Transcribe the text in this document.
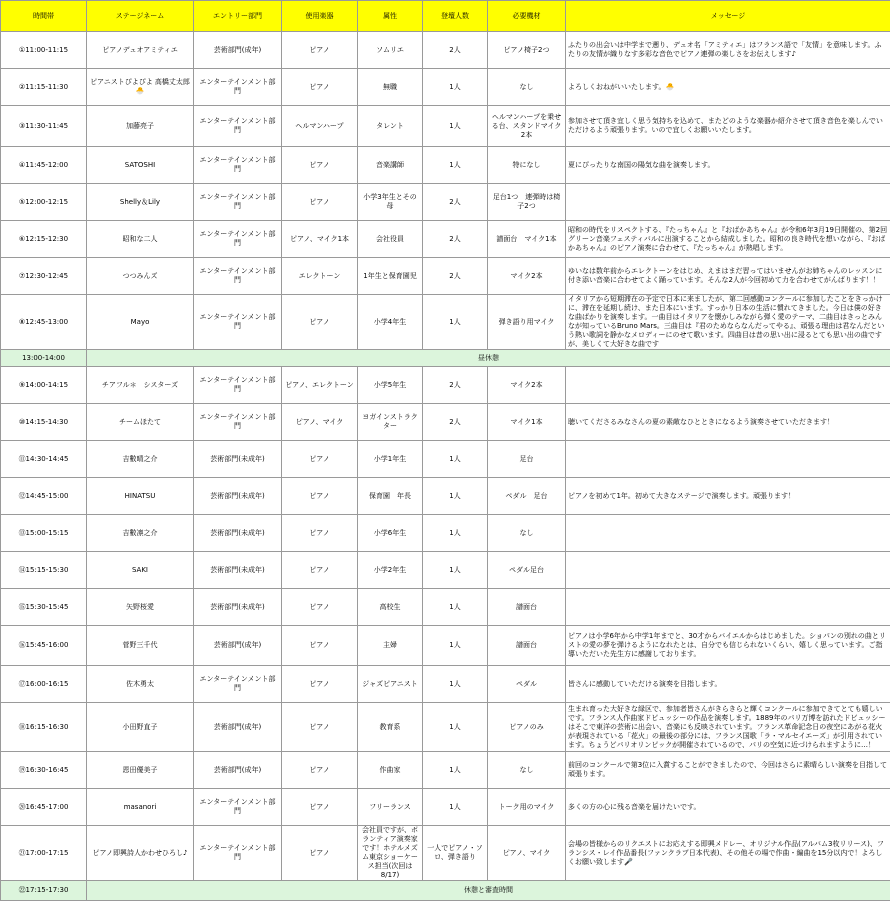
時間帯	ステージネーム	エントリー部門	使用楽器	属性	登壇人数	必要機材	メッセージ
①11:00-11:15	ピアノデュオアミティエ	芸術部門(成年)	ピアノ	ソムリエ	2人	ピアノ椅子2つ	ふたりの出会いは中学まで遡り、デュオ名「アミティエ」はフランス語で「友情」を意味します。ふたりの友情が織りなす多彩な音色でピアノ連弾の楽しさをお伝えします♪
②11:15-11:30	ピアニストぴよぴよ 高橋丈太郎🐣	エンターテインメント部門	ピアノ	無職	1人	なし	よろしくおねがいいたします。🐣
③11:30-11:45	加藤亮子	エンターテインメント部門	ヘルマンハープ	タレント	1人	ヘルマンハープを乗せる台、スタンドマイク2本	参加させて頂き宜しく思う気持ちを込めて、またどのような楽器か紹介させて頂き音色を楽しんでいただけるよう頑張ります。いので宜しくお願いいたします。
④11:45-12:00	SATOSHI	エンターテインメント部門	ピアノ	音楽講師	1人	特になし	夏にぴったりな南国の陽気な曲を演奏します。
⑤12:00-12:15	Shelly＆Lily	エンターテインメント部門	ピアノ	小学3年生とその母	2人	足台1つ　連弾時は椅子2つ	
⑥12:15-12:30	昭和な二人	エンターテインメント部門	ピアノ、マイク1本	会社役員	2人	譜面台　マイク1本	昭和の時代をリスペクトする、『たっちゃん』と『おばかあちゃん』が令和6年3月19日開催の、第2回グリーン音楽フェスティバルに出演することから結成しました。昭和の良き時代を想いながら、『おばかあちゃん』のピアノ演奏に合わせて、『たっちゃん』が熱唱します。
⑦12:30-12:45	つつみんズ	エンターテインメント部門	エレクトーン	1年生と保育園児	2人	マイク2本	ゆいなは数年前からエレクトーンをはじめ、えまはまだ習ってはいませんがお姉ちゃんのレッスンに付き添い音楽に合わせてよく踊っています。そんな2人が今回初めて力を合わせてがんばります！！
⑧12:45-13:00	Mayo	エンターテインメント部門	ピアノ	小学4年生	1人	弾き語り用マイク	イタリアから短期滞在の予定で日本に来ましたが、第二回感動コンクールに参加したことをきっかけに、滞在を延期し続け、また日本にいます。すっかり日本の生活に慣れてきました。今日は僕の好きな曲ばかりを演奏します。一曲目はイタリアを懐かしみながら弾く愛のテーマ、二曲目はきっとみんなが知っているBruno Mars。三曲目は『君のためならなんだってやる』、頑張る理由は君なんだという熱い歌詞を静かなメロディーにのせて歌います。四曲目は昔の思い出に浸るとても思い出の曲ですが、美しくて大好きな曲です
13:00-14:00	昼休憩						
⑨14:00-14:15	チアフル＊　シスターズ	エンターテインメント部門	ピアノ、エレクトーン	小学5年生	2人	マイク2本	
⑩14:15-14:30	チームほたて	エンターテインメント部門	ピアノ、マイク	ヨガインストラクター	2人	マイク1本	聴いてくださるみなさんの夏の素敵なひとときになるよう演奏させていただきます！
⑪14:30-14:45	吉數晴之介	芸術部門(未成年)	ピアノ	小学1年生	1人	足台	
⑫14:45-15:00	HINATSU	芸術部門(未成年)	ピアノ	保育園　年長	1人	ペダル　足台	ピアノを初めて1年。初めて大きなステージで演奏します。頑張ります！
⑬15:00-15:15	吉數凛之介	芸術部門(未成年)	ピアノ	小学6年生	1人	なし	
⑭15:15-15:30	SAKI	芸術部門(未成年)	ピアノ	小学2年生	1人	ペダル足台	
⑮15:30-15:45	矢野桜愛	芸術部門(未成年)	ピアノ	高校生	1人	譜面台	
⑯15:45-16:00	菅野三千代	芸術部門(成年)	ピアノ	主婦	1人	譜面台	ピアノは小学6年から中学1年までと、30才からバイエルからはじめました。ショパンの別れの曲とリストの愛の夢を弾けるようになれたとは、自分でも信じられないくらい、嬉しく思っています。ご指導いただいた先生方に感謝しております。
⑰16:00-16:15	佐木勇太	エンターテインメント部門	ピアノ	ジャズピアニスト	1人	ペダル	皆さんに感動していただける演奏を目指します。
⑱16:15-16:30	小田野直子	芸術部門(成年)	ピアノ	教育系	1人	ピアノのみ	生まれ育った大好きな緑区で、参加者皆さんがきらきらと輝くコンクールに参加できてとても嬉しいです。フランス人作曲家ドビュッシーの作品を演奏します。1889年のパリ万博を訪れたドビュッシーはそこで東洋の芸術に出会い、音楽にも反映されています。フランス革命記念日の夜空にあがる花火が表現されている「花火」の最後の部分には、フランス国歌「ラ・マルセイエーズ」が引用されています。ちょうどパリオリンピックが開催されているので、パリの空気に近づけられますように…！
⑲16:30-16:45	恩田優美子	芸術部門(成年)	ピアノ	作曲家	1人	なし	前回のコンクールで第3位に入賞することができましたので、今回はさらに素晴らしい演奏を目指して頑張ります。
⑳16:45-17:00	masanori	エンターテインメント部門	ピアノ	フリーランス	1人	トーク用のマイク	多くの方の心に残る音楽を届けたいです。
㉑17:00-17:15	ピアノ即興詩人かわせひろし♪	エンターテインメント部門	ピアノ	会社員ですが、ボランティア演奏家です！ホテルメズム東京ショーケース担当(次回は8/17)	一人でピアノ・ソロ、弾き語り	ピアノ、マイク	会場の皆様からのリクエストにお応えする即興メドレー、オリジナル作品(アルバム3枚リリース)、フランシス・レイ作品番長(ファンクラブ日本代表)、その他その場で作曲・編曲を15分以内で！よろしくお願い致します🎤
㉒17:15-17:30	休憩と審査時間						
